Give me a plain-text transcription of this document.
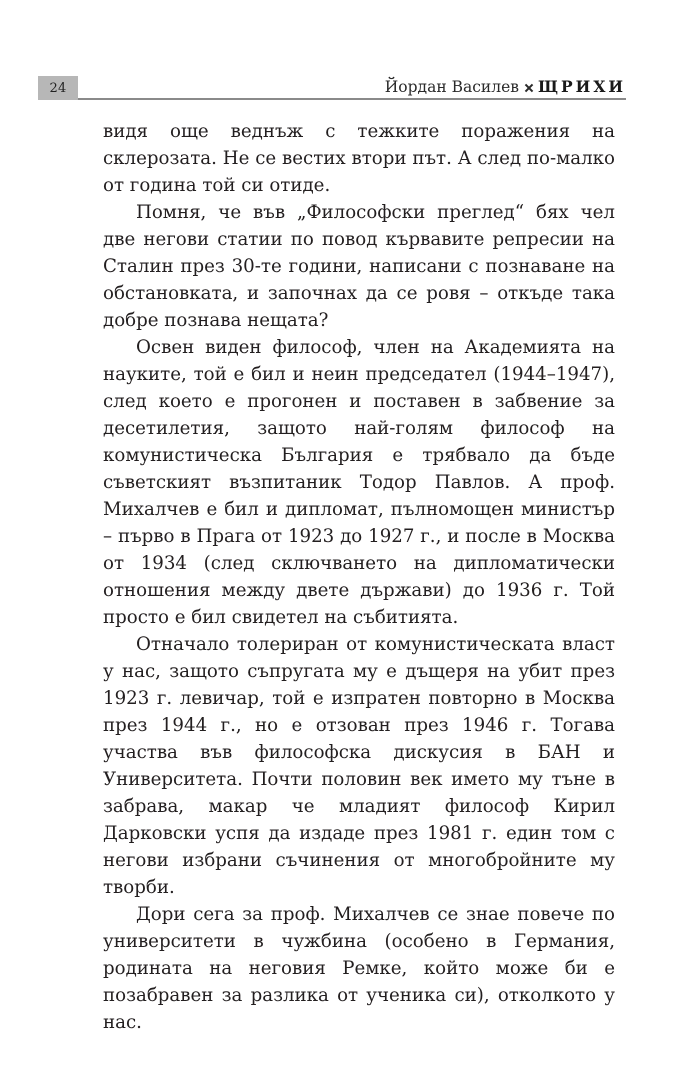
24	Йордан Василев ЩРИХИ

видя още веднъж с тежките поражения на склерозата. Не се вестих втори път. А след по-малко от година той си отиде.

Помня, че във „Философски преглед“ бях чел две негови статии по повод кървавите репресии на Сталин през 30-те години, написани с познаване на обстановката, и започнах да се ровя – откъде така добре познава нещата?

Освен виден философ, член на Академията на науките, той е бил и неин председател (1944–1947), след което е прогонен и поставен в забвение за десетилетия, защото най-голям философ на комунистическа България е трябвало да бъде съветският възпитаник Тодор Павлов. А проф. Михалчев е бил и дипломат, пълномощен министър – първо в Прага от 1923 до 1927 г., и после в Москва от 1934 (след сключването на дипломатически отношения между двете държави) до 1936 г. Той просто е бил свидетел на събитията.

Отначало толериран от комунистическата власт у нас, защото съпругата му е дъщеря на убит през 1923 г. левичар, той е изпратен повторно в Москва през 1944 г., но е отзован през 1946 г. Тогава участва във философска дискусия в БАН и Университета. Почти половин век името му тъне в забрава, макар че младият философ Кирил Дарковски успя да издаде през 1981 г. един том с негови избрани съчинения от многобройните му творби.

Дори сега за проф. Михалчев се знае повече по университети в чужбина (особено в Германия, родината на неговия Ремке, който може би е позабравен за разлика от ученика си), отколкото у нас.
